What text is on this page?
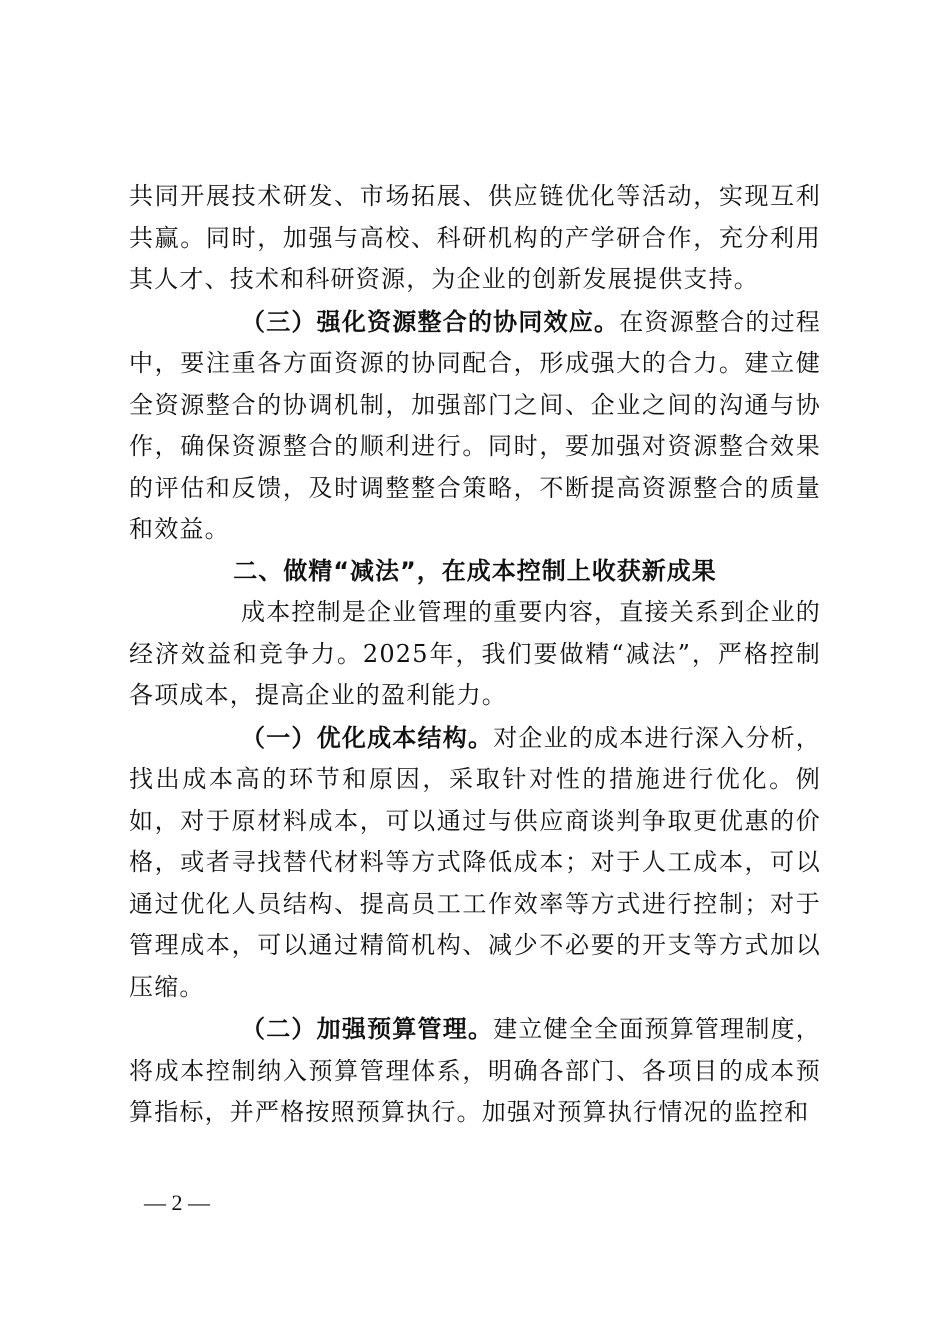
共同开展技术研发、市场拓展、供应链优化等活动，实现互利共赢。同时，加强与高校、科研机构的产学研合作，充分利用其人才、技术和科研资源，为企业的创新发展提供支持。

（三）强化资源整合的协同效应。在资源整合的过程中，要注重各方面资源的协同配合，形成强大的合力。建立健全资源整合的协调机制，加强部门之间、企业之间的沟通与协作，确保资源整合的顺利进行。同时，要加强对资源整合效果的评估和反馈，及时调整整合策略，不断提高资源整合的质量和效益。

二、做精“减法”，在成本控制上收获新成果

成本控制是企业管理的重要内容，直接关系到企业的经济效益和竞争力。2025年，我们要做精“减法”，严格控制各项成本，提高企业的盈利能力。

（一）优化成本结构。对企业的成本进行深入分析，找出成本高的环节和原因，采取针对性的措施进行优化。例如，对于原材料成本，可以通过与供应商谈判争取更优惠的价格，或者寻找替代材料等方式降低成本；对于人工成本，可以通过优化人员结构、提高员工工作效率等方式进行控制；对于管理成本，可以通过精简机构、减少不必要的开支等方式加以压缩。

（二）加强预算管理。建立健全全面预算管理制度，将成本控制纳入预算管理体系，明确各部门、各项目的成本预算指标，并严格按照预算执行。加强对预算执行情况的监控和

— 2 —
